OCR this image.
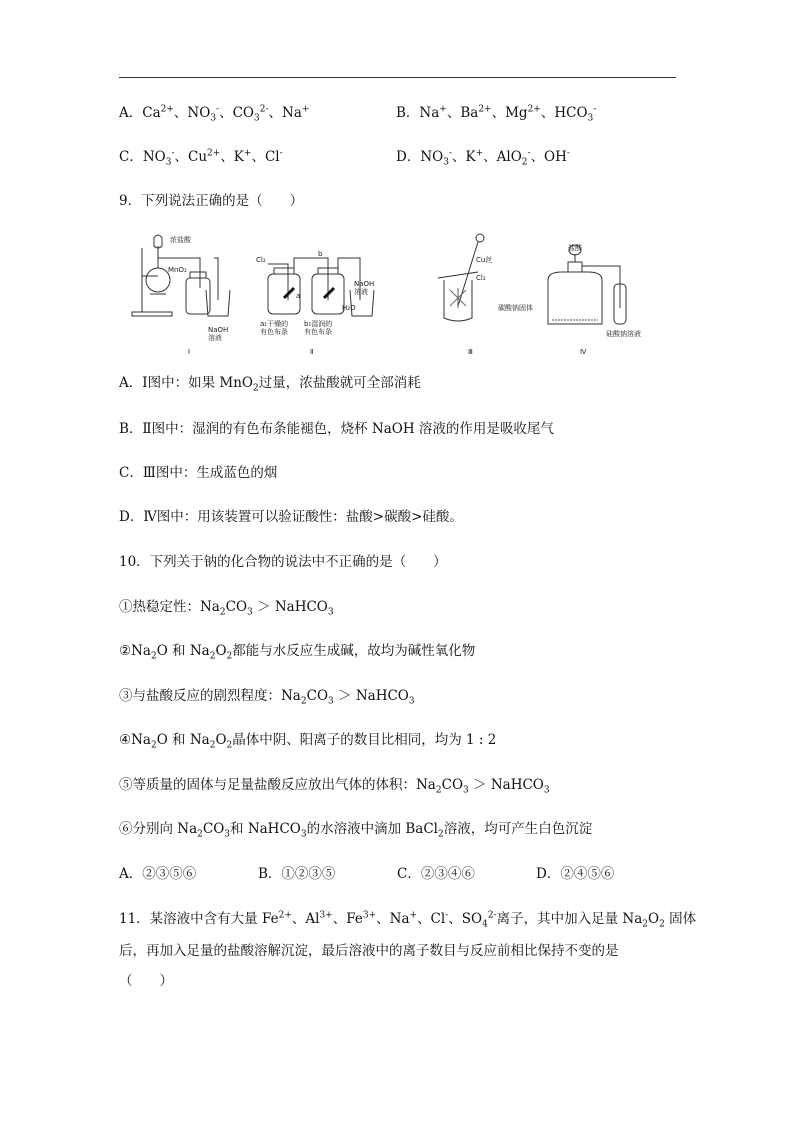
A．$Ca^{2+}$、$NO_3^-$、$CO_3^{2-}$、Na+	B．Na+、$Ba^{2+}$、$Mg^{2+}$、$HCO_3^-$
C．$NO_3^-$、$Cu^{2+}$、K+、Cl-	D．$NO_3^-$、K+、AlO$_2$-、OH-
9．下列说法正确的是（　　）
浓盐酸
MnO₂
NaOH
溶液
Ⅰ
Cl₂
a
b
NaOH
溶液
H₂O
a₁干燥的
有色布条
b₁湿润的
有色布条
Ⅱ
Cu丝
Cl₂
Ⅲ
盐酸
碳酸钠固体
硅酸钠溶液
Ⅳ
A．Ⅰ图中：如果 MnO$_2$过量，浓盐酸就可全部消耗
B．Ⅱ图中：湿润的有色布条能褪色，烧杯 NaOH 溶液的作用是吸收尾气
C．Ⅲ图中：生成蓝色的烟
D．Ⅳ图中：用该装置可以验证酸性：盐酸>碳酸>硅酸。
10．下列关于钠的化合物的说法中不正确的是（　　）
①热稳定性：$Na_2CO_3$ ＞ NaHCO$_3$
$②Na_2O$ 和 $Na_2O_2$都能与水反应生成碱，故均为碱性氧化物
③与盐酸反应的剧烈程度：$Na_2CO_3$ ＞ NaHCO$_3$
$④Na_2O$ 和 $Na_2O_2$晶体中阴、阳离子的数目比相同，均为 1 : 2
⑤等质量的固体与足量盐酸反应放出气体的体积：$Na_2CO_3$ ＞ NaHCO$_3$
⑥分别向 $Na_2CO_3$和 NaHCO$_3$的水溶液中滴加 BaCl$_2$溶液，均可产生白色沉淀
A．②③⑤⑥	B．①②③⑤	C．②③④⑥	D．②④⑤⑥
11．某溶液中含有大量 $Fe^{2+}$、$Al^{3+}$、$Fe^{3+}$、Na+、Cl-、$SO_4^{2-}$离子，其中加入足量 $Na_2O_2$ 固体
后，再加入足量的盐酸溶解沉淀，最后溶液中的离子数目与反应前相比保持不变的是
（　　）
